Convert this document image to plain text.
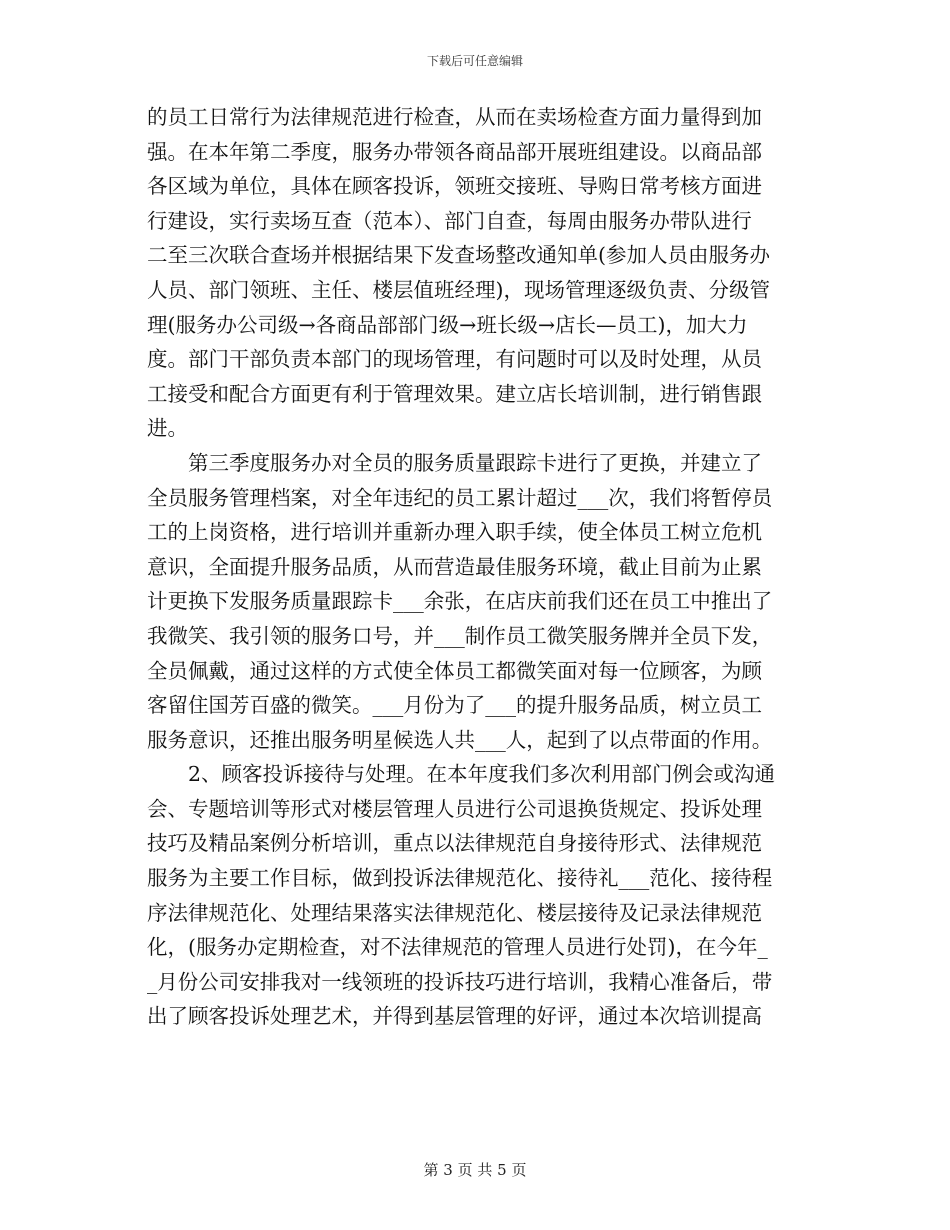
下载后可任意编辑
的员工日常行为法律规范进行检查，从而在卖场检查方面力量得到加
强。在本年第二季度，服务办带领各商品部开展班组建设。以商品部
各区域为单位，具体在顾客投诉，领班交接班、导购日常考核方面进
行建设，实行卖场互查（范本）、部门自查，每周由服务办带队进行
二至三次联合查场并根据结果下发查场整改通知单(参加人员由服务办
人员、部门领班、主任、楼层值班经理)，现场管理逐级负责、分级管
理(服务办公司级→各商品部部门级→班长级→店长—员工)，加大力
度。部门干部负责本部门的现场管理，有问题时可以及时处理，从员
工接受和配合方面更有利于管理效果。建立店长培训制，进行销售跟
进。
第三季度服务办对全员的服务质量跟踪卡进行了更换，并建立了
全员服务管理档案，对全年违纪的员工累计超过___次，我们将暂停员
工的上岗资格，进行培训并重新办理入职手续，使全体员工树立危机
意识，全面提升服务品质，从而营造最佳服务环境，截止目前为止累
计更换下发服务质量跟踪卡___余张，在店庆前我们还在员工中推出了
我微笑、我引领的服务口号，并___制作员工微笑服务牌并全员下发，
全员佩戴，通过这样的方式使全体员工都微笑面对每一位顾客，为顾
客留住国芳百盛的微笑。___月份为了___的提升服务品质，树立员工
服务意识，还推出服务明星候选人共___人，起到了以点带面的作用。
2、顾客投诉接待与处理。在本年度我们多次利用部门例会或沟通
会、专题培训等形式对楼层管理人员进行公司退换货规定、投诉处理
技巧及精品案例分析培训，重点以法律规范自身接待形式、法律规范
服务为主要工作目标，做到投诉法律规范化、接待礼___范化、接待程
序法律规范化、处理结果落实法律规范化、楼层接待及记录法律规范
化，(服务办定期检查，对不法律规范的管理人员进行处罚)，在今年_
_月份公司安排我对一线领班的投诉技巧进行培训，我精心准备后，带
出了顾客投诉处理艺术，并得到基层管理的好评，通过本次培训提高
第 3 页 共 5 页
